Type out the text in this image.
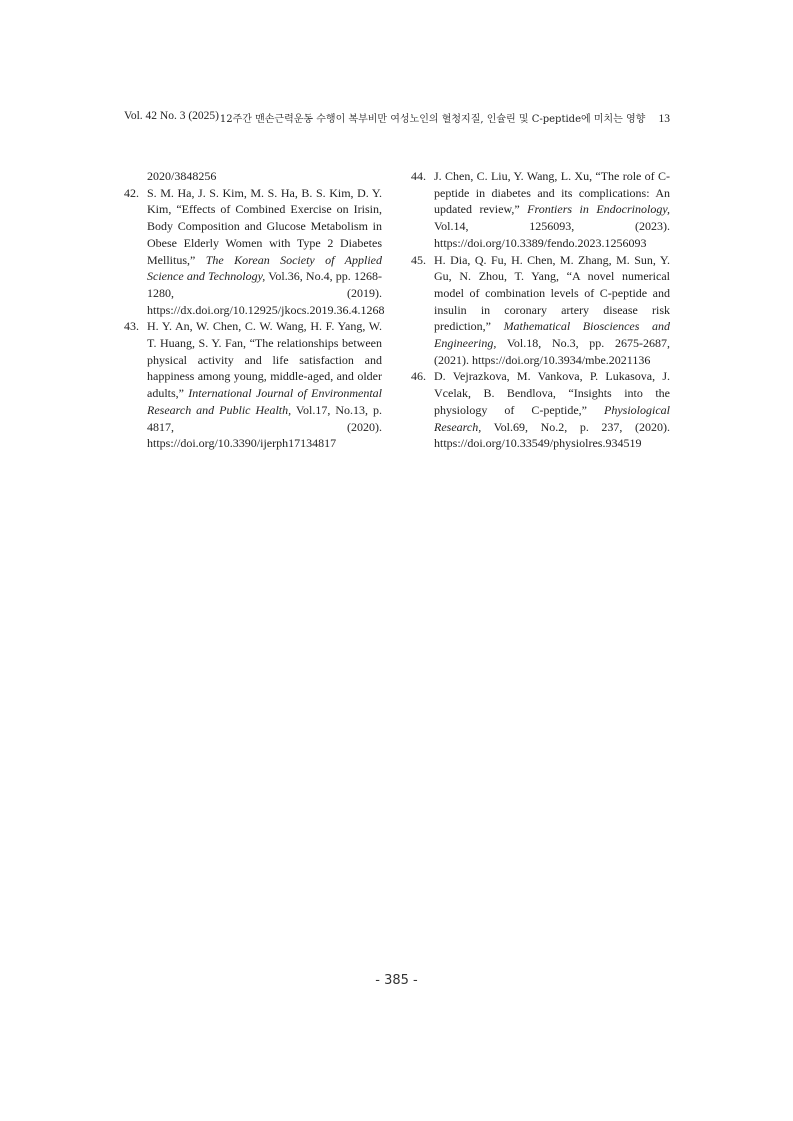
Vol. 42 No. 3 (2025) 12주간 맨손근력운동 수행이 복부비만 여성노인의 혈청지질, 인슐린 및 C-peptide에 미치는 영향 13
2020/3848256
42. S. M. Ha, J. S. Kim, M. S. Ha, B. S. Kim, D. Y. Kim, “Effects of Combined Exercise on Irisin, Body Composition and Glucose Metabolism in Obese Elderly Women with Type 2 Diabetes Mellitus,” The Korean Society of Applied Science and Technology, Vol.36, No.4, pp. 1268-1280, (2019). https://dx.doi.org/10.12925/jkocs.2019.36.4.1268
43. H. Y. An, W. Chen, C. W. Wang, H. F. Yang, W. T. Huang, S. Y. Fan, “The relationships between physical activity and life satisfaction and happiness among young, middle-aged, and older adults,” International Journal of Environmental Research and Public Health, Vol.17, No.13, p. 4817, (2020). https://doi.org/10.3390/ijerph17134817
44. J. Chen, C. Liu, Y. Wang, L. Xu, “The role of C-peptide in diabetes and its complications: An updated review,” Frontiers in Endocrinology, Vol.14, 1256093, (2023). https://doi.org/10.3389/fendo.2023.1256093
45. H. Dia, Q. Fu, H. Chen, M. Zhang, M. Sun, Y. Gu, N. Zhou, T. Yang, “A novel numerical model of combination levels of C-peptide and insulin in coronary artery disease risk prediction,” Mathematical Biosciences and Engineering, Vol.18, No.3, pp. 2675-2687, (2021). https://doi.org/10.3934/mbe.2021136
46. D. Vejrazkova, M. Vankova, P. Lukasova, J. Vcelak, B. Bendlova, “Insights into the physiology of C-peptide,” Physiological Research, Vol.69, No.2, p. 237, (2020). https://doi.org/10.33549/physiolres.934519
- 385 -
